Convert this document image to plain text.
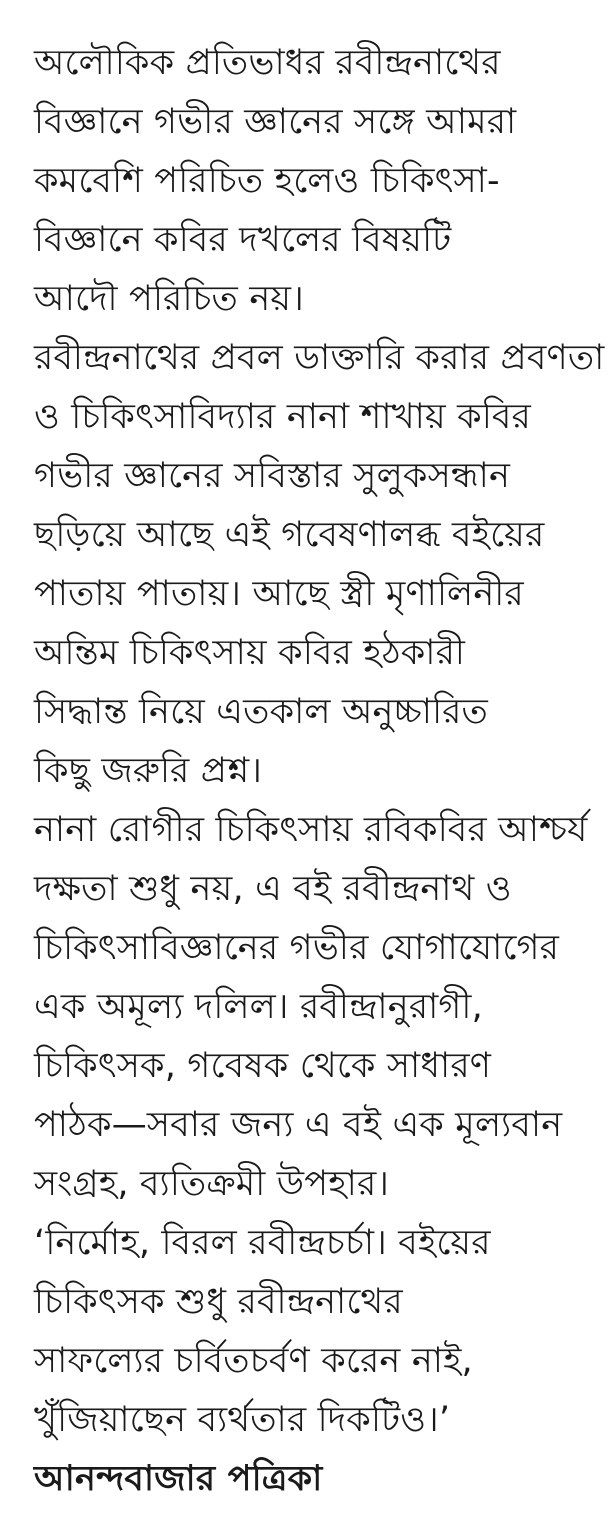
অলৌকিক প্রতিভাধর রবীন্দ্রনাথের
বিজ্ঞানে গভীর জ্ঞানের সঙ্গে আমরা
কমবেশি পরিচিত হলেও চিকিৎসা-
বিজ্ঞানে কবির দখলের বিষয়টি
আদৌ পরিচিত নয়।
রবীন্দ্রনাথের প্রবল ডাক্তারি করার প্রবণতা
ও চিকিৎসাবিদ্যার নানা শাখায় কবির
গভীর জ্ঞানের সবিস্তার সুলুকসন্ধান
ছড়িয়ে আছে এই গবেষণালব্ধ বইয়ের
পাতায় পাতায়। আছে স্ত্রী মৃণালিনীর
অন্তিম চিকিৎসায় কবির হঠকারী
সিদ্ধান্ত নিয়ে এতকাল অনুচ্চারিত
কিছু জরুরি প্রশ্ন।
নানা রোগীর চিকিৎসায় রবিকবির আশ্চর্য
দক্ষতা শুধু নয়, এ বই রবীন্দ্রনাথ ও
চিকিৎসাবিজ্ঞানের গভীর যোগাযোগের
এক অমূল্য দলিল। রবীন্দ্রানুরাগী,
চিকিৎসক, গবেষক থেকে সাধারণ
পাঠক—সবার জন্য এ বই এক মূল্যবান
সংগ্রহ, ব্যতিক্রমী উপহার।
‘নির্মোহ, বিরল রবীন্দ্রচর্চা। বইয়ের
চিকিৎসক শুধু রবীন্দ্রনাথের
সাফল্যের চর্বিতচর্বণ করেন নাই,
খুঁজিয়াছেন ব্যর্থতার দিকটিও।’
আনন্দবাজার পত্রিকা
